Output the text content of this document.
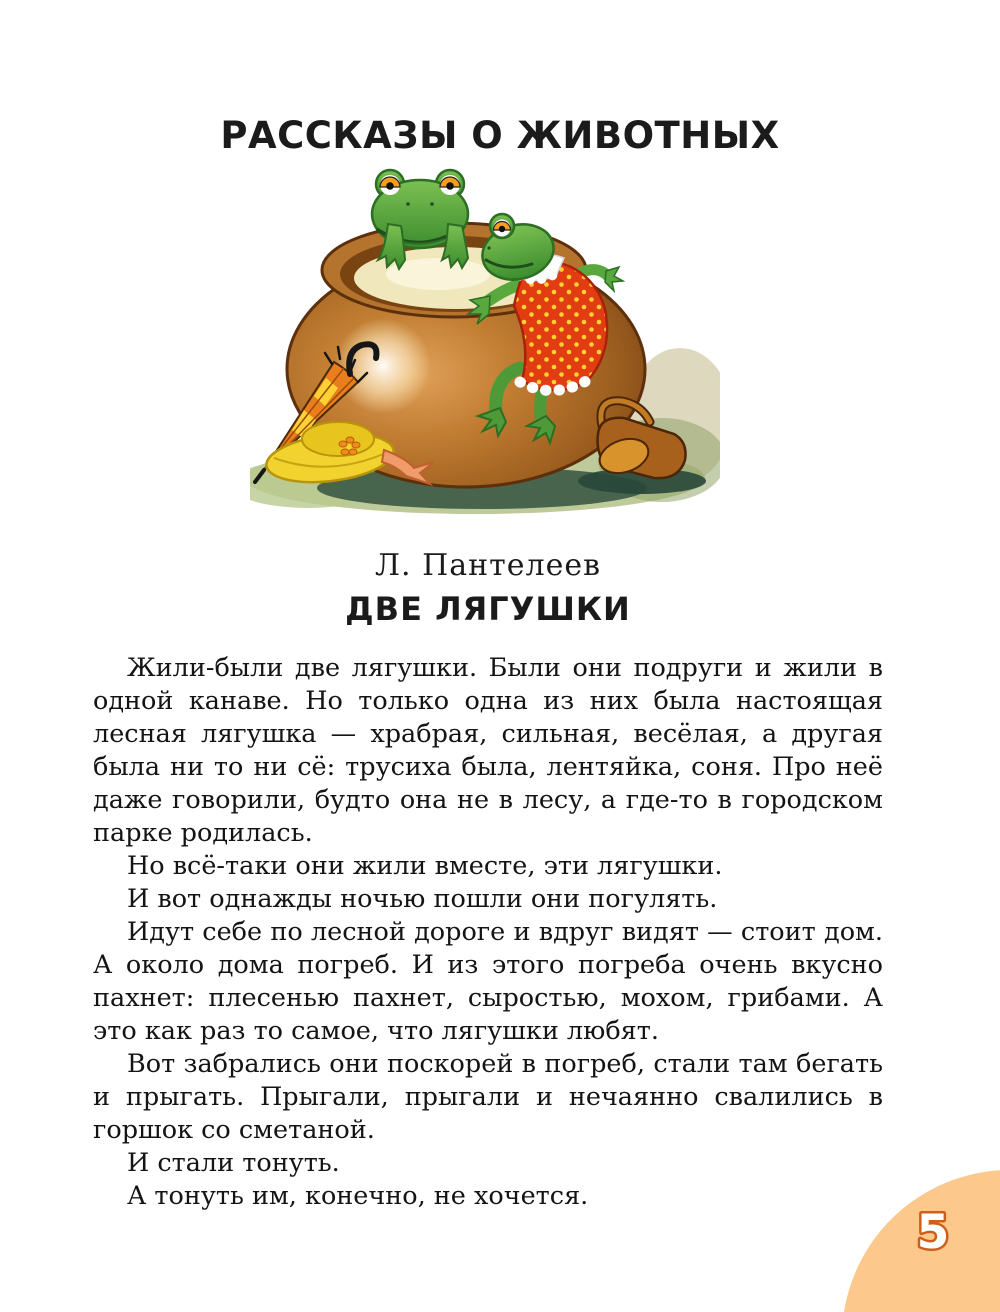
РАССКАЗЫ О ЖИВОТНЫХ
Л. Пантелеев
ДВЕ ЛЯГУШКИ

Жили-были две лягушки. Были они подруги и жили в одной канаве. Но только одна из них была настоящая лесная лягушка — храбрая, сильная, весёлая, а другая была ни то ни сё: трусиха была, лентяйка, соня. Про неё даже говорили, будто она не в лесу, а где-то в городском парке родилась.

Но всё-таки они жили вместе, эти лягушки.

И вот однажды ночью пошли они погулять.

Идут себе по лесной дороге и вдруг видят — стоит дом. А около дома погреб. И из этого погреба очень вкусно пахнет: плесенью пахнет, сыростью, мохом, грибами. А это как раз то самое, что лягушки любят.

Вот забрались они поскорей в погреб, стали там бегать и прыгать. Прыгали, прыгали и нечаянно свалились в горшок со сметаной.

И стали тонуть.

А тонуть им, конечно, не хочется.

5
